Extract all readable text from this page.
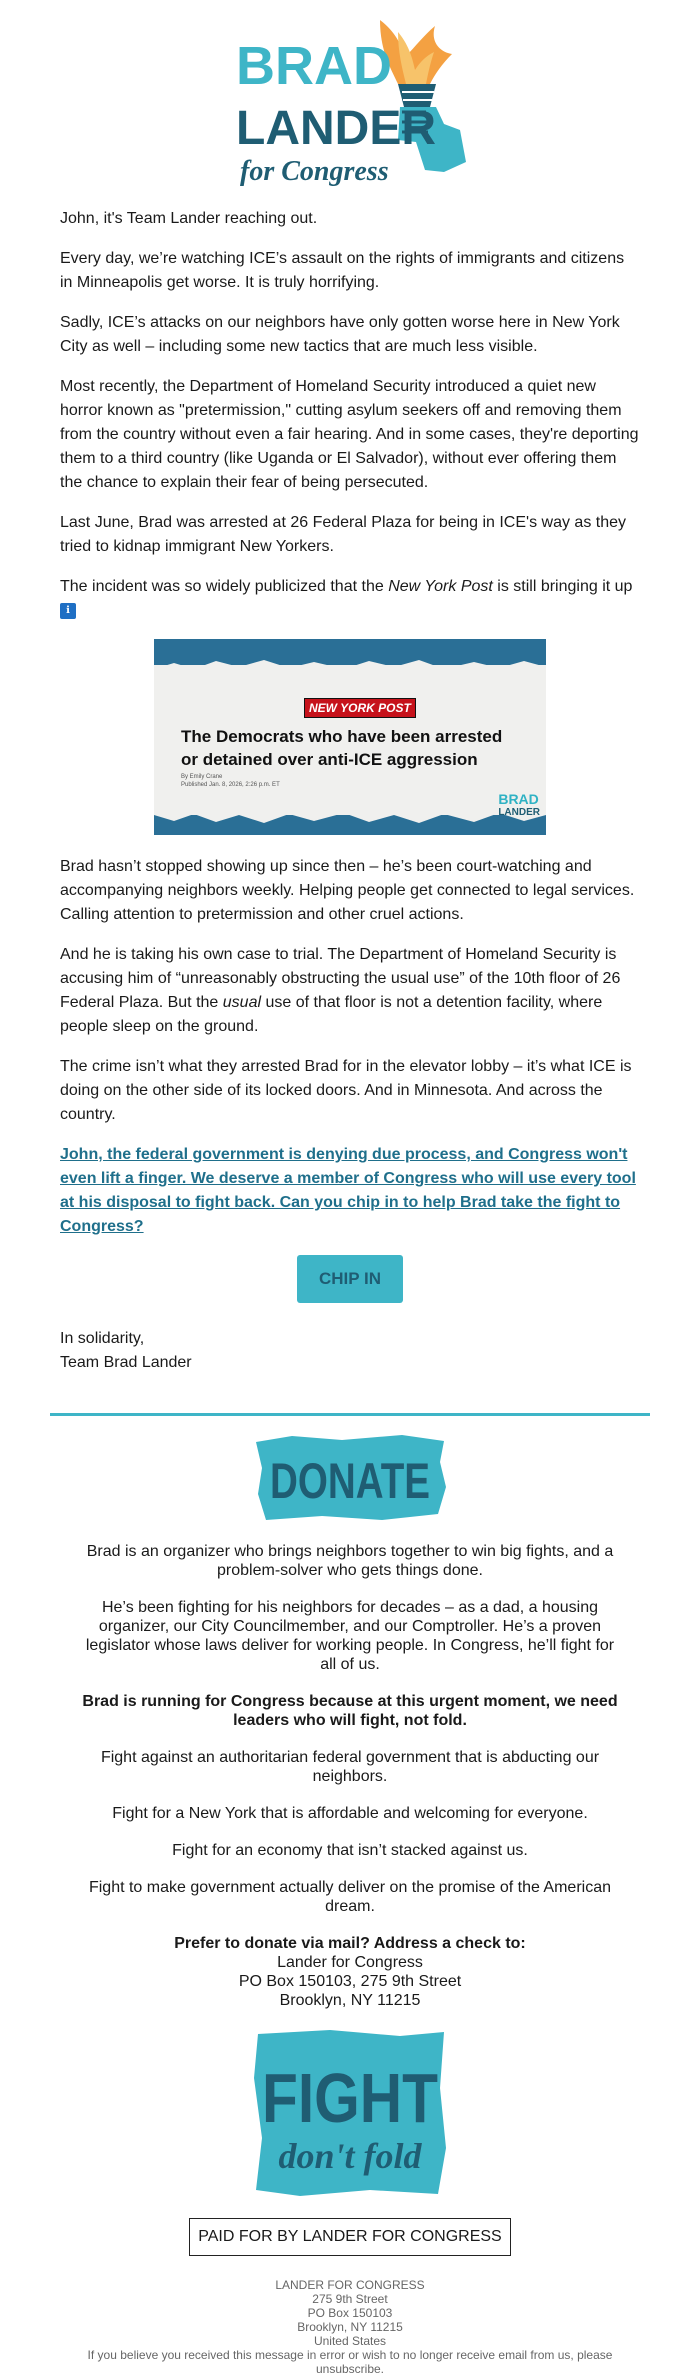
BRAD
LANDER
for Congress

John, it's Team Lander reaching out.

Every day, we’re watching ICE’s assault on the rights of immigrants and citizens in Minneapolis get worse. It is truly horrifying.

Sadly, ICE’s attacks on our neighbors have only gotten worse here in New York City as well – including some new tactics that are much less visible.

Most recently, the Department of Homeland Security introduced a quiet new horror known as "pretermission," cutting asylum seekers off and removing them from the country without even a fair hearing. And in some cases, they're deporting them to a third country (like Uganda or El Salvador), without ever offering them the chance to explain their fear of being persecuted.

Last June, Brad was arrested at 26 Federal Plaza for being in ICE's way as they tried to kidnap immigrant New Yorkers.

The incident was so widely publicized that the New York Post is still bringing it up
ℹ

NEW YORK POST
The Democrats who have been arrested or detained over anti-ICE aggression
By Emily Crane
Published Jan. 8, 2026, 2:26 p.m. ET
BRAD
LANDER

Brad hasn’t stopped showing up since then – he’s been court-watching and accompanying neighbors weekly. Helping people get connected to legal services. Calling attention to pretermission and other cruel actions.

And he is taking his own case to trial. The Department of Homeland Security is accusing him of “unreasonably obstructing the usual use” of the 10th floor of 26 Federal Plaza. But the usual use of that floor is not a detention facility, where people sleep on the ground.

The crime isn’t what they arrested Brad for in the elevator lobby – it’s what ICE is doing on the other side of its locked doors. And in Minnesota. And across the country.

John, the federal government is denying due process, and Congress won't even lift a finger. We deserve a member of Congress who will use every tool at his disposal to fight back. Can you chip in to help Brad take the fight to Congress?

CHIP IN
In solidarity,
Team Brad Lander
DONATE

Brad is an organizer who brings neighbors together to win big fights, and a problem-solver who gets things done.

He’s been fighting for his neighbors for decades – as a dad, a housing organizer, our City Councilmember, and our Comptroller. He’s a proven legislator whose laws deliver for working people. In Congress, he’ll fight for all of us.

Brad is running for Congress because at this urgent moment, we need leaders who will fight, not fold.

Fight against an authoritarian federal government that is abducting our neighbors.

Fight for a New York that is affordable and welcoming for everyone.

Fight for an economy that isn’t stacked against us.

Fight to make government actually deliver on the promise of the American dream.

Prefer to donate via mail? Address a check to:
Lander for Congress
PO Box 150103, 275 9th Street
Brooklyn, NY 11215

FIGHT
don't fold
PAID FOR BY LANDER FOR CONGRESS
LANDER FOR CONGRESS
275 9th Street
PO Box 150103
Brooklyn, NY 11215
United States
If you believe you received this message in error or wish to no longer receive email from us, please unsubscribe.
